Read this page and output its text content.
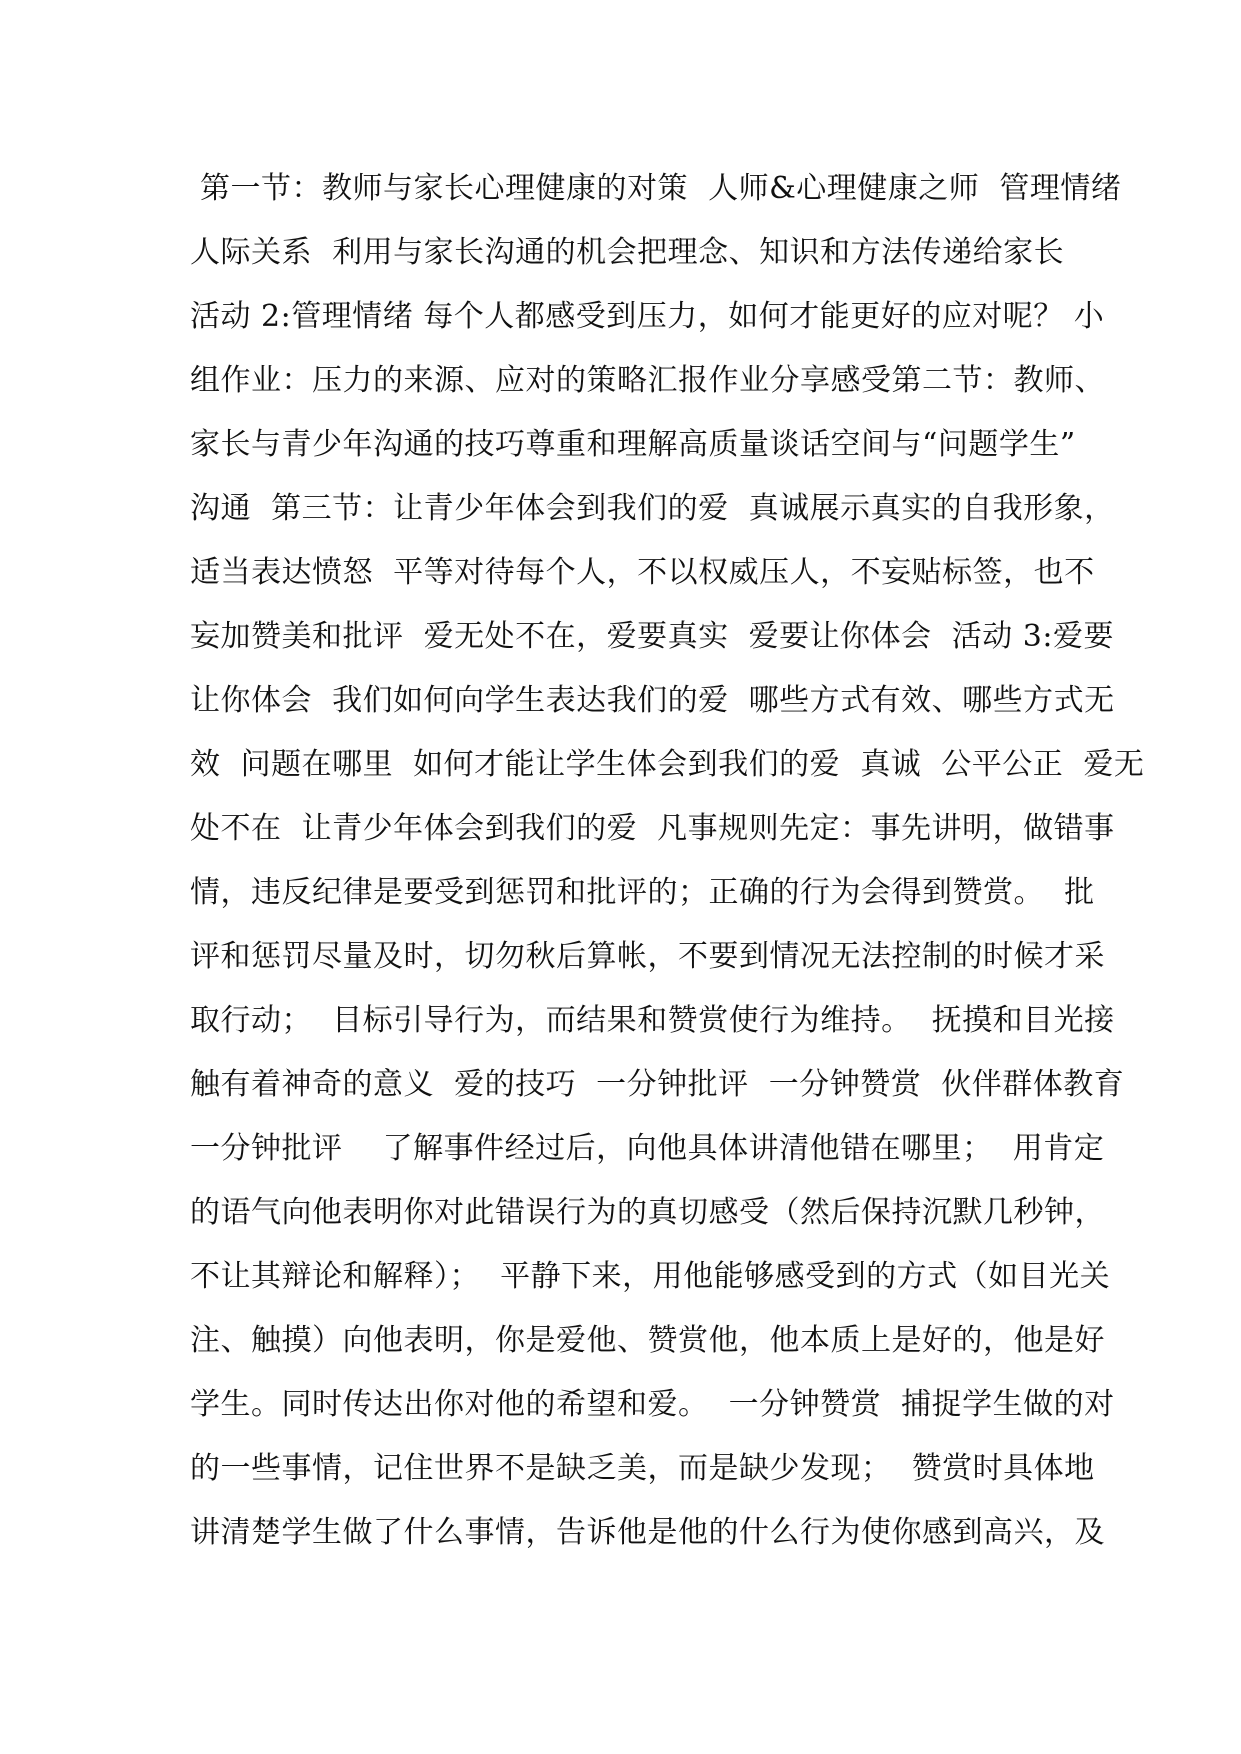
第一节：教师与家长心理健康的对策  人师&心理健康之师  管理情绪
人际关系  利用与家长沟通的机会把理念、知识和方法传递给家长
活动 2:管理情绪 每个人都感受到压力，如何才能更好的应对呢？ 小
组作业：压力的来源、应对的策略汇报作业分享感受第二节：教师、
家长与青少年沟通的技巧尊重和理解高质量谈话空间与“问题学生”
沟通  第三节：让青少年体会到我们的爱  真诚展示真实的自我形象，
适当表达愤怒  平等对待每个人，不以权威压人，不妄贴标签，也不
妄加赞美和批评  爱无处不在，爱要真实  爱要让你体会  活动 3:爱要
让你体会  我们如何向学生表达我们的爱  哪些方式有效、哪些方式无
效  问题在哪里  如何才能让学生体会到我们的爱  真诚  公平公正  爱无
处不在  让青少年体会到我们的爱  凡事规则先定：事先讲明，做错事
情，违反纪律是要受到惩罚和批评的；正确的行为会得到赞赏。  批
评和惩罚尽量及时，切勿秋后算帐，不要到情况无法控制的时候才采
取行动；  目标引导行为，而结果和赞赏使行为维持。  抚摸和目光接
触有着神奇的意义  爱的技巧  一分钟批评  一分钟赞赏  伙伴群体教育
一分钟批评    了解事件经过后，向他具体讲清他错在哪里；  用肯定
的语气向他表明你对此错误行为的真切感受（然后保持沉默几秒钟，
不让其辩论和解释）；  平静下来，用他能够感受到的方式（如目光关
注、触摸）向他表明，你是爱他、赞赏他，他本质上是好的，他是好
学生。同时传达出你对他的希望和爱。  一分钟赞赏  捕捉学生做的对
的一些事情，记住世界不是缺乏美，而是缺少发现；  赞赏时具体地
讲清楚学生做了什么事情，告诉他是他的什么行为使你感到高兴，及
